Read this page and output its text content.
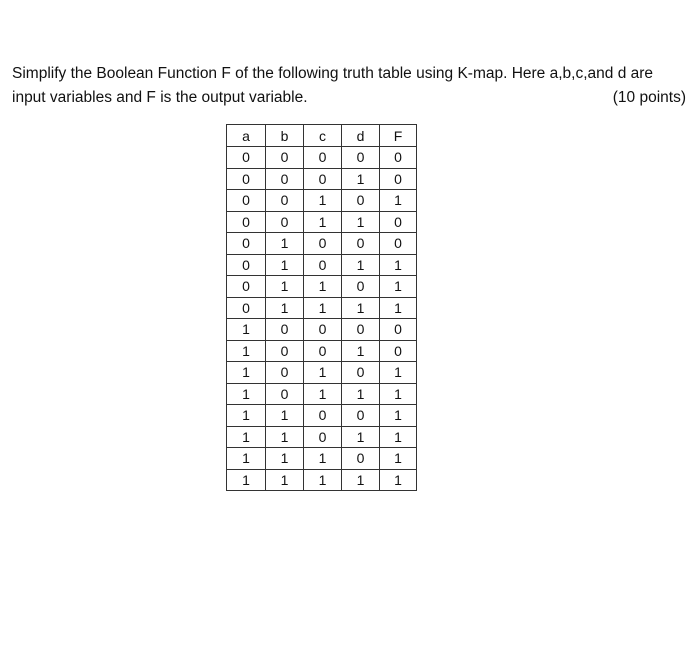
Simplify the Boolean Function F of the following truth table using K-map. Here a,b,c,and d are
input variables and F is the output variable.	(10 points)
a	b	c	d	F
0	0	0	0	0
0	0	0	1	0
0	0	1	0	1
0	0	1	1	0
0	1	0	0	0
0	1	0	1	1
0	1	1	0	1
0	1	1	1	1
1	0	0	0	0
1	0	0	1	0
1	0	1	0	1
1	0	1	1	1
1	1	0	0	1
1	1	0	1	1
1	1	1	0	1
1	1	1	1	1
